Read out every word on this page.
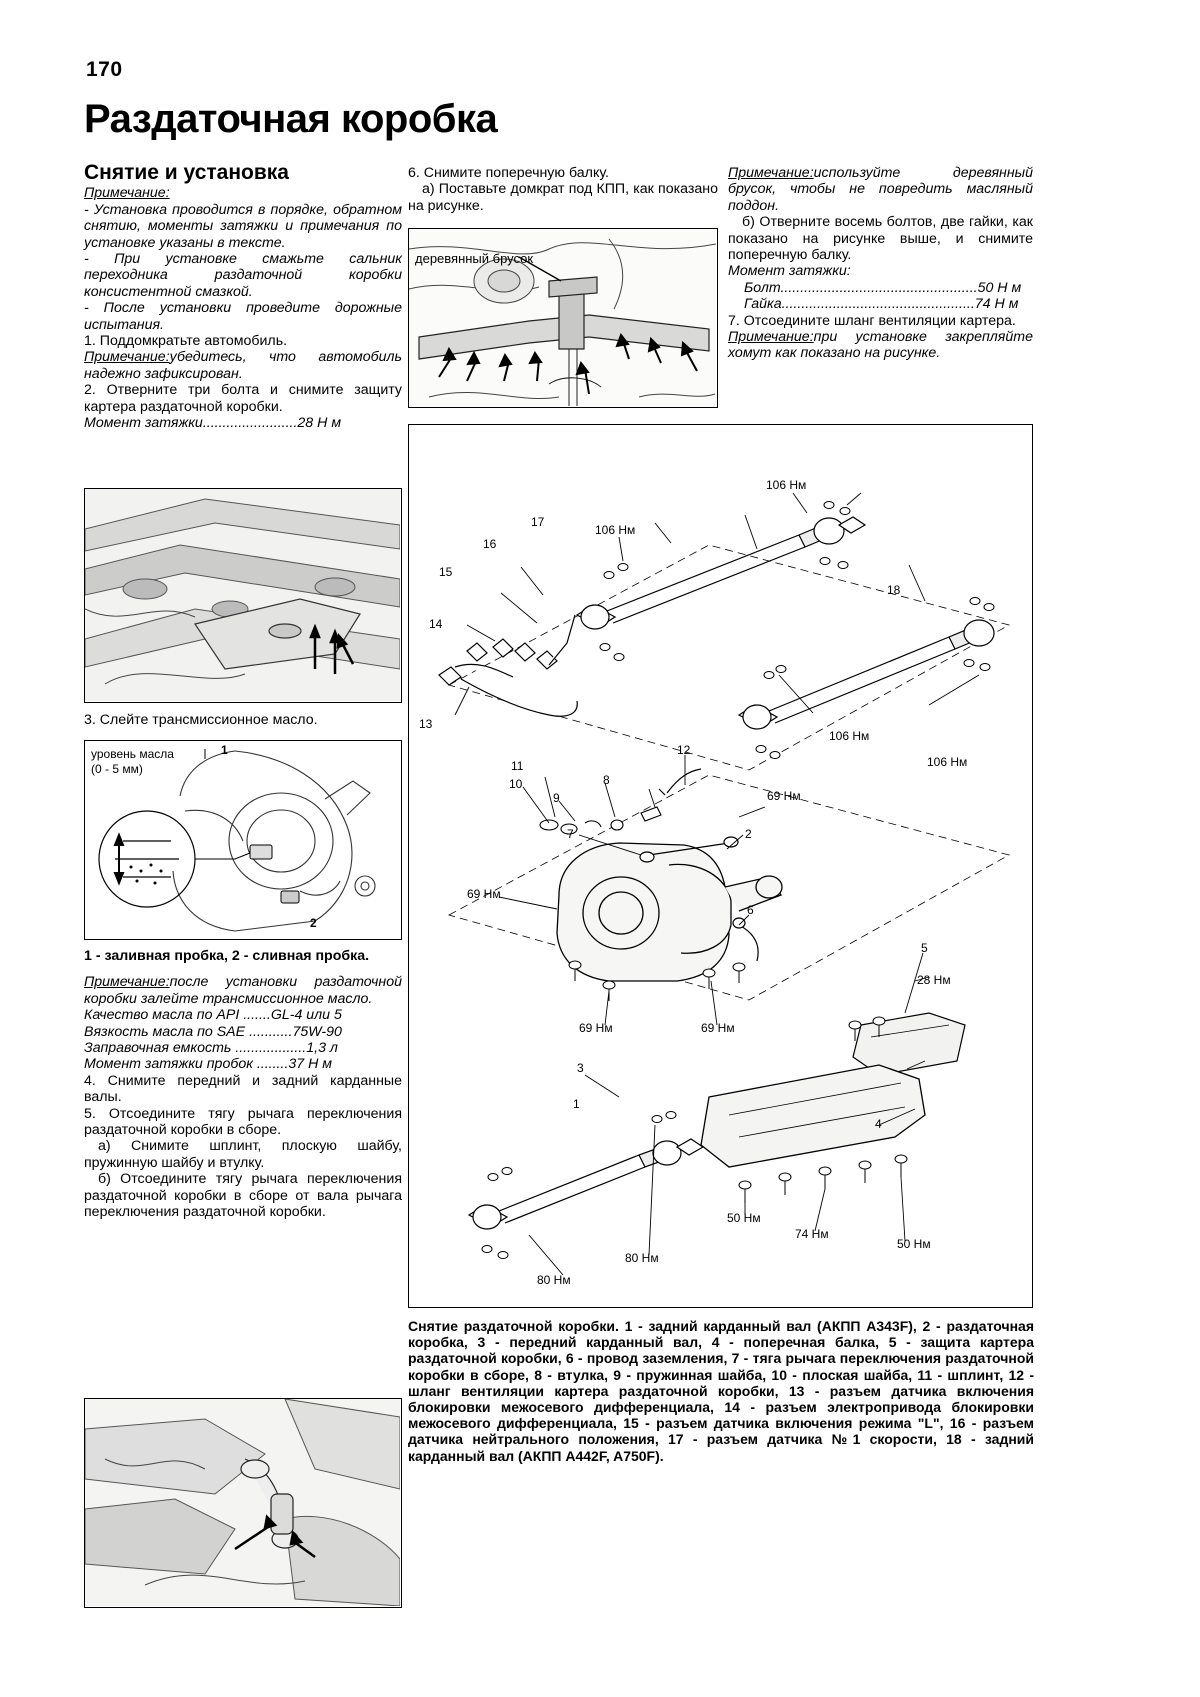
170
Раздаточная коробка
Снятие и установка

Примечание:

- Установка проводится в порядке, обратном снятию, моменты затяжки и примечания по установке указаны в тексте.

- При установке смажьте сальник переходника раздаточной коробки консистентной смазкой.

- После установки проведите дорожные испытания.

1. Поддомкратьте автомобиль.

Примечание:убедитесь, что автомобиль надежно зафиксирован.

2. Отверните три болта и снимите защиту картера раздаточной коробки.

Момент затяжки........................28 Н м

3. Слейте трансмиссионное масло.

уровень масла
(0 - 5 мм)
1
2

1 - заливная пробка, 2 - сливная пробка.

Примечание:после установки раздаточной коробки залейте трансмиссионное масло.

Качество масла по API .......GL-4 или 5

Вязкость масла по SAE ...........75W-90

Заправочная емкость ..................1,3 л

Момент затяжки пробок ........37 Н м

4. Снимите передний и задний карданные валы.

5. Отсоедините тягу рычага переключения раздаточной коробки в сборе.

а) Снимите шплинт, плоскую шайбу, пружинную шайбу и втулку.

б) Отсоедините тягу рычага переключения раздаточной коробки в сборе от вала рычага переключения раздаточной коробки.

6. Снимите поперечную балку.

а) Поставьте домкрат под КПП, как показано на рисунке.

деревянный брусок

Примечание:используйте деревянный брусок, чтобы не повредить масляный поддон.

б) Отверните восемь болтов, две гайки, как показано на рисунке выше, и снимите поперечную балку.

Момент затяжки:

Болт..................................................50 Н м

Гайка.................................................74 Н м

7. Отсоедините шланг вентиляции картера.

Примечание:при установке закрепляйте хомут как показано на рисунке.

106 Нм
106 Нм
106 Нм
106 Нм
69 Нм
69 Нм
69 Нм	69 Нм
28 Нм
50 Нм
50 Нм
74 Нм
80 Нм
80 Нм
1
2
3
4
5
6
7
8
9
10
11
12
13
14
15
16
17
18
Снятие раздаточной коробки. 1 - задний карданный вал (АКПП А343F), 2 - раздаточная коробка, 3 - передний карданный вал, 4 - поперечная балка, 5 - защита картера раздаточной коробки, 6 - провод заземления, 7 - тяга рычага переключения раздаточной коробки в сборе, 8 - втулка, 9 - пружинная шайба, 10 - плоская шайба, 11 - шплинт, 12 - шланг вентиляции картера раздаточной коробки, 13 - разъем датчика включения блокировки межосевого дифференциала, 14 - разъем электропривода блокировки межосевого дифференциала, 15 - разъем датчика включения режима "L", 16 - разъем датчика нейтрального положения, 17 - разъем датчика №1 скорости, 18 - задний карданный вал (АКПП А442F, A750F).
